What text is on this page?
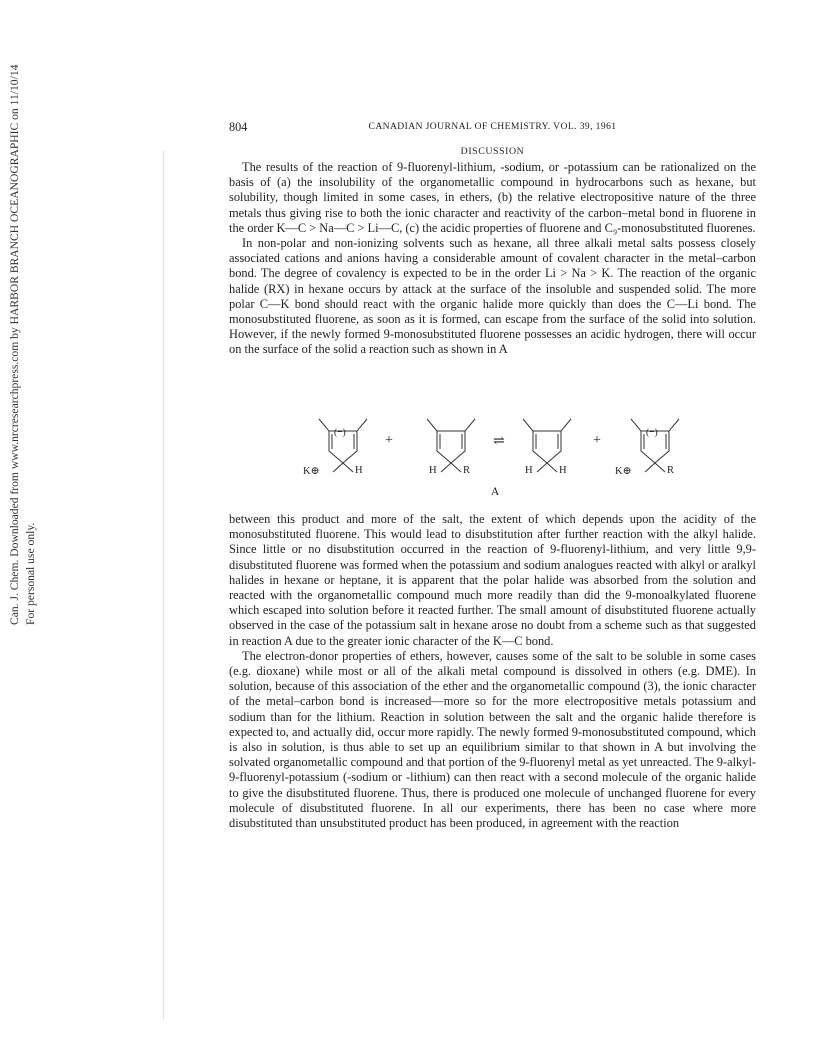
Can. J. Chem. Downloaded from www.nrcresearchpress.com by HARBOR BRANCH OCEANOGRAPHIC on 11/10/14 For personal use only.
804	CANADIAN JOURNAL OF CHEMISTRY. VOL. 39, 1961
DISCUSSION

The results of the reaction of 9-fluorenyl-lithium, -sodium, or -potassium can be rationalized on the basis of (a) the insolubility of the organometallic compound in hydrocarbons such as hexane, but solubility, though limited in some cases, in ethers, (b) the relative electropositive nature of the three metals thus giving rise to both the ionic character and reactivity of the carbon–metal bond in fluorene in the order K—C > Na—C > Li—C, (c) the acidic properties of fluorene and C₉-monosubstituted fluorenes.

In non-polar and non-ionizing solvents such as hexane, all three alkali metal salts possess closely associated cations and anions having a considerable amount of covalent character in the metal–carbon bond. The degree of covalency is expected to be in the order Li > Na > K. The reaction of the organic halide (RX) in hexane occurs by attack at the surface of the insoluble and suspended solid. The more polar C—K bond should react with the organic halide more quickly than does the C—Li bond. The monosubstituted fluorene, as soon as it is formed, can escape from the surface of the solid into solution. However, if the newly formed 9-monosubstituted fluorene possesses an acidic hydrogen, there will occur on the surface of the solid a reaction such as shown in A

(−)
K⊕	H
+
H	R
⇌
H	H
+	(−)
K⊕	R
A

between this product and more of the salt, the extent of which depends upon the acidity of the monosubstituted fluorene. This would lead to disubstitution after further reaction with the alkyl halide. Since little or no disubstitution occurred in the reaction of 9-fluorenyl-lithium, and very little 9,9-disubstituted fluorene was formed when the potassium and sodium analogues reacted with alkyl or aralkyl halides in hexane or heptane, it is apparent that the polar halide was absorbed from the solution and reacted with the organometallic compound much more readily than did the 9-monoalkylated fluorene which escaped into solution before it reacted further. The small amount of disubstituted fluorene actually observed in the case of the potassium salt in hexane arose no doubt from a scheme such as that suggested in reaction A due to the greater ionic character of the K—C bond.

The electron-donor properties of ethers, however, causes some of the salt to be soluble in some cases (e.g. dioxane) while most or all of the alkali metal compound is dissolved in others (e.g. DME). In solution, because of this association of the ether and the organometallic compound (3), the ionic character of the metal–carbon bond is increased—more so for the more electropositive metals potassium and sodium than for the lithium. Reaction in solution between the salt and the organic halide therefore is expected to, and actually did, occur more rapidly. The newly formed 9-monosubstituted compound, which is also in solution, is thus able to set up an equilibrium similar to that shown in A but involving the solvated organometallic compound and that portion of the 9-fluorenyl metal as yet unreacted. The 9-alkyl-9-fluorenyl-potassium (-sodium or -lithium) can then react with a second molecule of the organic halide to give the disubstituted fluorene. Thus, there is produced one molecule of unchanged fluorene for every molecule of disubstituted fluorene. In all our experiments, there has been no case where more disubstituted than unsubstituted product has been produced, in agreement with the reaction
